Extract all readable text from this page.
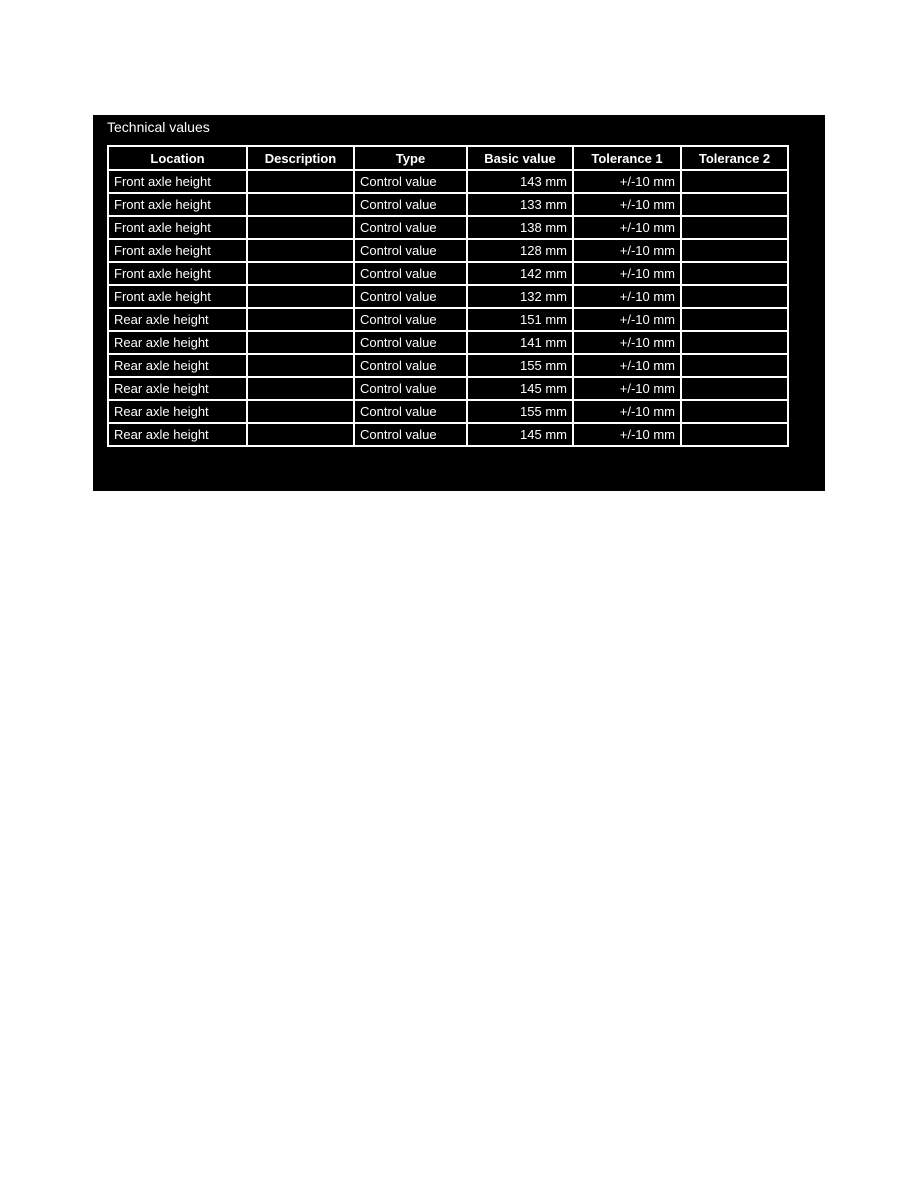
Technical values
Location	Description	Type	Basic value	Tolerance 1	Tolerance 2
Front axle height		Control value	143 mm	+/-10 mm	
Front axle height		Control value	133 mm	+/-10 mm	
Front axle height		Control value	138 mm	+/-10 mm	
Front axle height		Control value	128 mm	+/-10 mm	
Front axle height		Control value	142 mm	+/-10 mm	
Front axle height		Control value	132 mm	+/-10 mm	
Rear axle height		Control value	151 mm	+/-10 mm	
Rear axle height		Control value	141 mm	+/-10 mm	
Rear axle height		Control value	155 mm	+/-10 mm	
Rear axle height		Control value	145 mm	+/-10 mm	
Rear axle height		Control value	155 mm	+/-10 mm	
Rear axle height		Control value	145 mm	+/-10 mm	
